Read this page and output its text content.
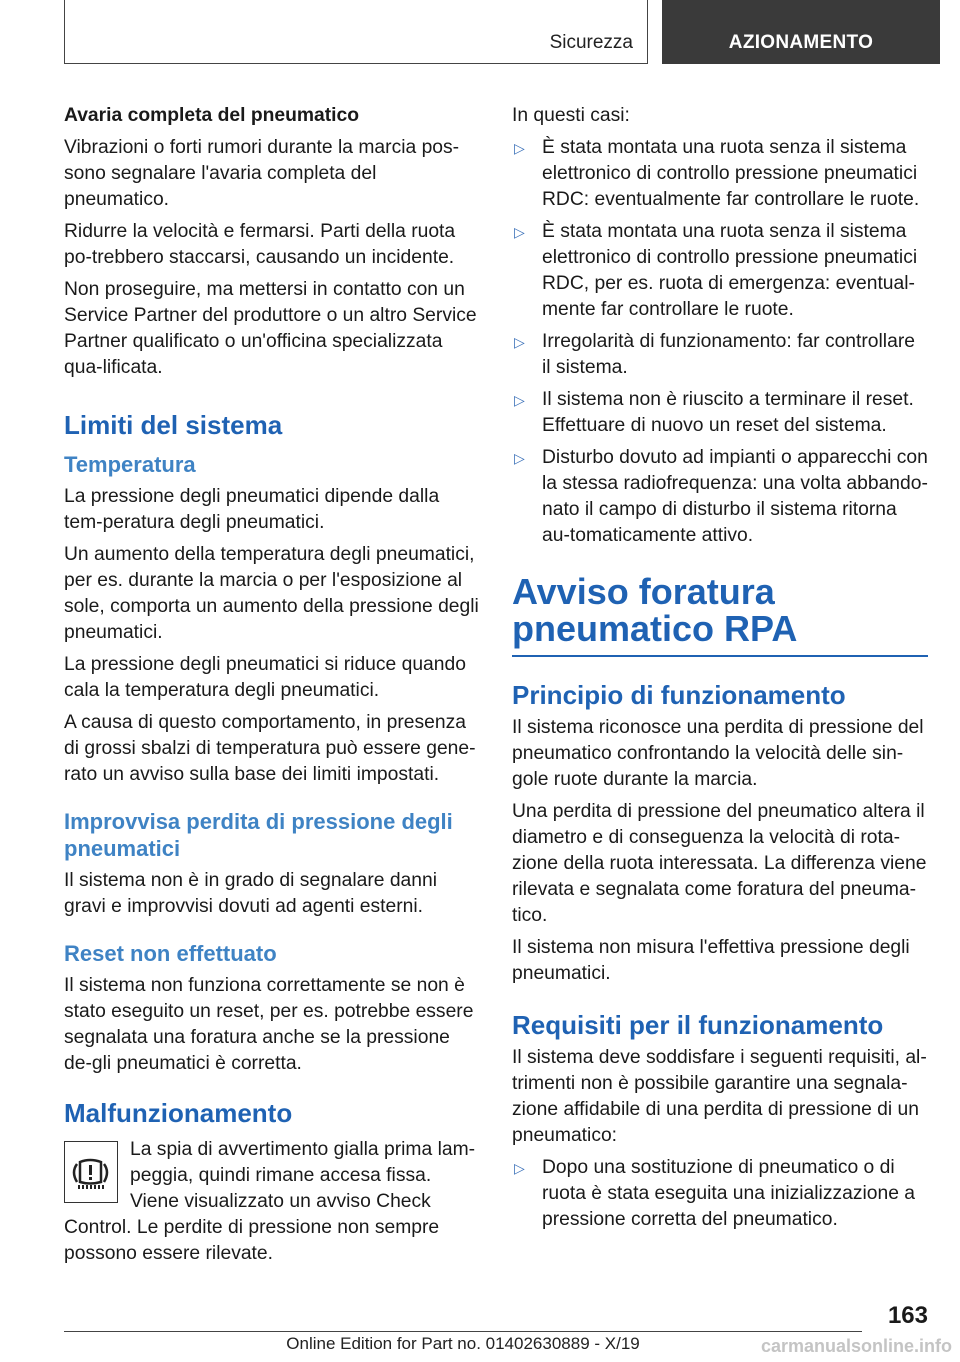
Sicurezza	AZIONAMENTO
Avaria completa del pneumatico

Vibrazioni o forti rumori durante la marcia pos-sono segnalare l'avaria completa del pneumatico.

Ridurre la velocità e fermarsi. Parti della ruota po-trebbero staccarsi, causando un incidente.

Non proseguire, ma mettersi in contatto con un Service Partner del produttore o un altro Service Partner qualificato o un'officina specializzata qua-lificata.

Limiti del sistema
Temperatura

La pressione degli pneumatici dipende dalla tem-peratura degli pneumatici.

Un aumento della temperatura degli pneumatici, per es. durante la marcia o per l'esposizione al sole, comporta un aumento della pressione degli pneumatici.

La pressione degli pneumatici si riduce quando cala la temperatura degli pneumatici.

A causa di questo comportamento, in presenza di grossi sbalzi di temperatura può essere gene-rato un avviso sulla base dei limiti impostati.

Improvvisa perdita di pressione degli pneumatici

Il sistema non è in grado di segnalare danni gravi e improvvisi dovuti ad agenti esterni.

Reset non effettuato

Il sistema non funziona correttamente se non è stato eseguito un reset, per es. potrebbe essere segnalata una foratura anche se la pressione de-gli pneumatici è corretta.

Malfunzionamento

La spia di avvertimento gialla prima lam-peggia, quindi rimane accesa fissa. Viene visualizzato un avviso Check Control. Le perdite di pressione non sempre possono essere rilevate.

In questi casi:

▷ È stata montata una ruota senza il sistema elettronico di controllo pressione pneumatici RDC: eventualmente far controllare le ruote.
▷ È stata montata una ruota senza il sistema elettronico di controllo pressione pneumatici RDC, per es. ruota di emergenza: eventual-mente far controllare le ruote.
▷ Irregolarità di funzionamento: far controllare il sistema.
▷ Il sistema non è riuscito a terminare il reset. Effettuare di nuovo un reset del sistema.
▷ Disturbo dovuto ad impianti o apparecchi con la stessa radiofrequenza: una volta abbando-nato il campo di disturbo il sistema ritorna au-tomaticamente attivo.
Avviso foratura pneumatico RPA
Principio di funzionamento

Il sistema riconosce una perdita di pressione del pneumatico confrontando la velocità delle sin-gole ruote durante la marcia.

Una perdita di pressione del pneumatico altera il diametro e di conseguenza la velocità di rota-zione della ruota interessata. La differenza viene rilevata e segnalata come foratura del pneuma-tico.

Il sistema non misura l'effettiva pressione degli pneumatici.

Requisiti per il funzionamento

Il sistema deve soddisfare i seguenti requisiti, al-trimenti non è possibile garantire una segnala-zione affidabile di una perdita di pressione di un pneumatico:

▷ Dopo una sostituzione di pneumatico o di ruota è stata eseguita una inizializzazione a pressione corretta del pneumatico.
163
Online Edition for Part no. 01402630889 - X/19	carmanualsonline.info
